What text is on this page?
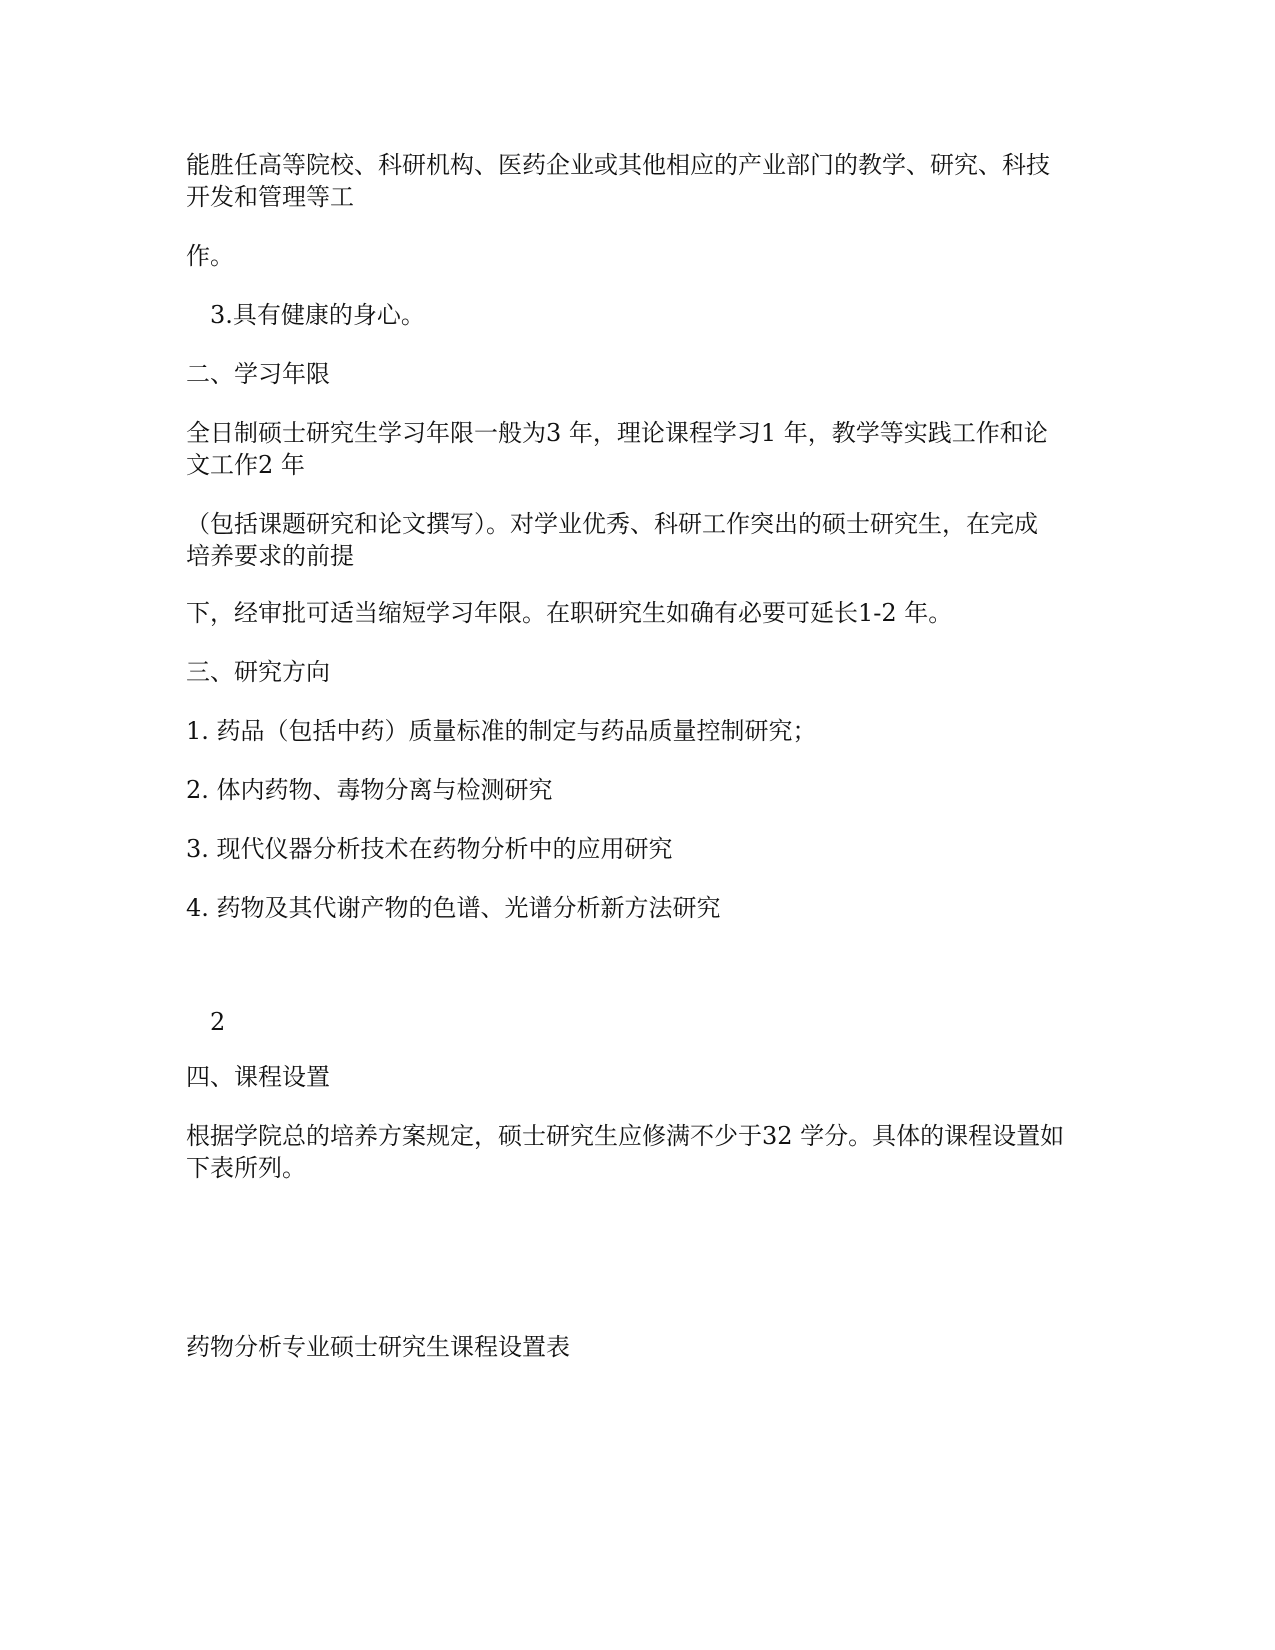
能胜任高等院校、科研机构、医药企业或其他相应的产业部门的教学、研究、科技
开发和管理等工
作。
3.具有健康的身心。
二、学习年限
全日制硕士研究生学习年限一般为3 年，理论课程学习1 年，教学等实践工作和论
文工作2 年
（包括课题研究和论文撰写）。对学业优秀、科研工作突出的硕士研究生，在完成
培养要求的前提
下，经审批可适当缩短学习年限。在职研究生如确有必要可延长1-2 年。
三、研究方向
1. 药品（包括中药）质量标准的制定与药品质量控制研究；
2. 体内药物、毒物分离与检测研究
3. 现代仪器分析技术在药物分析中的应用研究
4. 药物及其代谢产物的色谱、光谱分析新方法研究
2
四、课程设置
根据学院总的培养方案规定，硕士研究生应修满不少于32 学分。具体的课程设置如
下表所列。
药物分析专业硕士研究生课程设置表
